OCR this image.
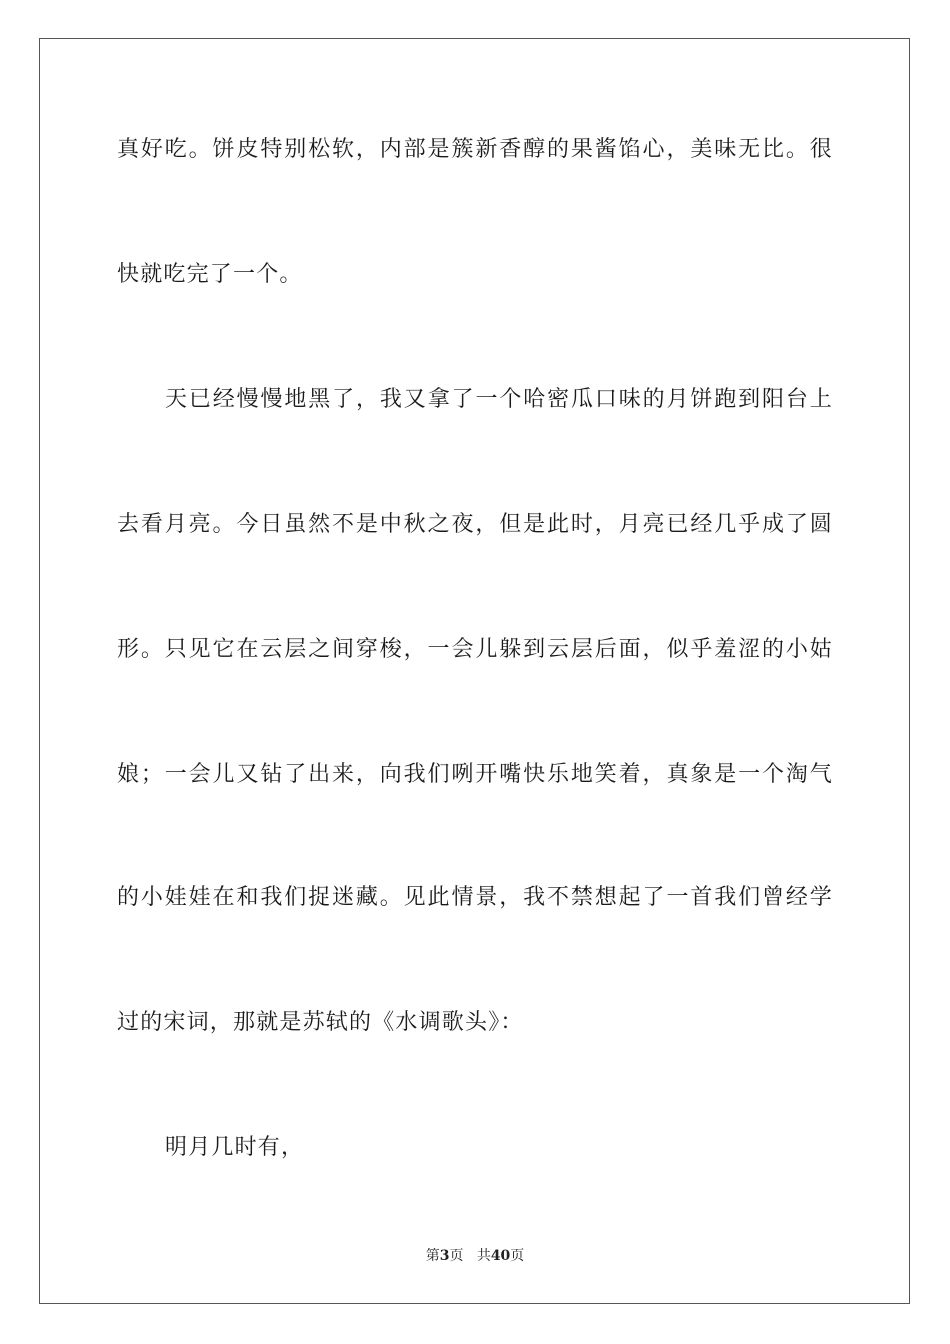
真好吃。饼皮特别松软，内部是簇新香醇的果酱馅心，美味无比。很
快就吃完了一个。
天已经慢慢地黑了，我又拿了一个哈密瓜口味的月饼跑到阳台上
去看月亮。今日虽然不是中秋之夜，但是此时，月亮已经几乎成了圆
形。只见它在云层之间穿梭，一会儿躲到云层后面，似乎羞涩的小姑
娘；一会儿又钻了出来，向我们咧开嘴快乐地笑着，真象是一个淘气
的小娃娃在和我们捉迷藏。见此情景，我不禁想起了一首我们曾经学
过的宋词，那就是苏轼的《水调歌头》：
明月几时有，
第3页 共40页
